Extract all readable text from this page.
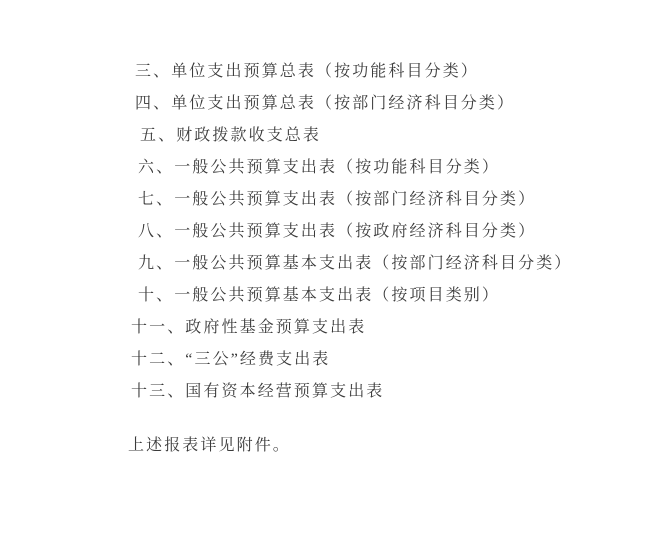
三、单位支出预算总表（按功能科目分类）
四、单位支出预算总表（按部门经济科目分类）
五、财政拨款收支总表
六、一般公共预算支出表（按功能科目分类）
七、一般公共预算支出表（按部门经济科目分类）
八、一般公共预算支出表（按政府经济科目分类）
九、一般公共预算基本支出表（按部门经济科目分类）
十、一般公共预算基本支出表（按项目类别）
十一、政府性基金预算支出表
十二、“三公”经费支出表
十三、国有资本经营预算支出表
上述报表详见附件。
